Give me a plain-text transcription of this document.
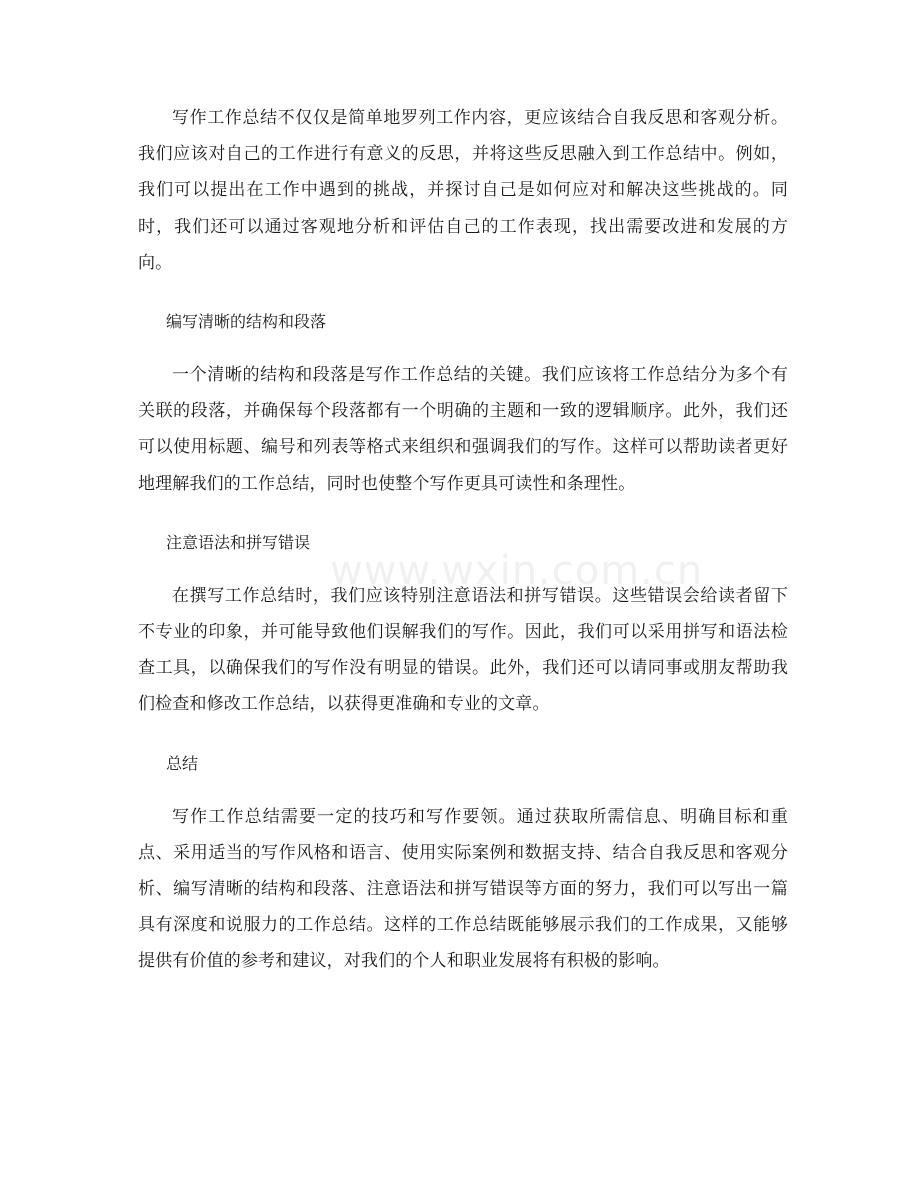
写作工作总结不仅仅是简单地罗列工作内容，更应该结合自我反思和客观分析。我们应该对自己的工作进行有意义的反思，并将这些反思融入到工作总结中。例如，我们可以提出在工作中遇到的挑战，并探讨自己是如何应对和解决这些挑战的。同时，我们还可以通过客观地分析和评估自己的工作表现，找出需要改进和发展的方向。

编写清晰的结构和段落

一个清晰的结构和段落是写作工作总结的关键。我们应该将工作总结分为多个有关联的段落，并确保每个段落都有一个明确的主题和一致的逻辑顺序。此外，我们还可以使用标题、编号和列表等格式来组织和强调我们的写作。这样可以帮助读者更好地理解我们的工作总结，同时也使整个写作更具可读性和条理性。

注意语法和拼写错误

在撰写工作总结时，我们应该特别注意语法和拼写错误。这些错误会给读者留下不专业的印象，并可能导致他们误解我们的写作。因此，我们可以采用拼写和语法检查工具，以确保我们的写作没有明显的错误。此外，我们还可以请同事或朋友帮助我们检查和修改工作总结，以获得更准确和专业的文章。

总结

写作工作总结需要一定的技巧和写作要领。通过获取所需信息、明确目标和重点、采用适当的写作风格和语言、使用实际案例和数据支持、结合自我反思和客观分析、编写清晰的结构和段落、注意语法和拼写错误等方面的努力，我们可以写出一篇具有深度和说服力的工作总结。这样的工作总结既能够展示我们的工作成果，又能够提供有价值的参考和建议，对我们的个人和职业发展将有积极的影响。

www.wxin.com.cn
